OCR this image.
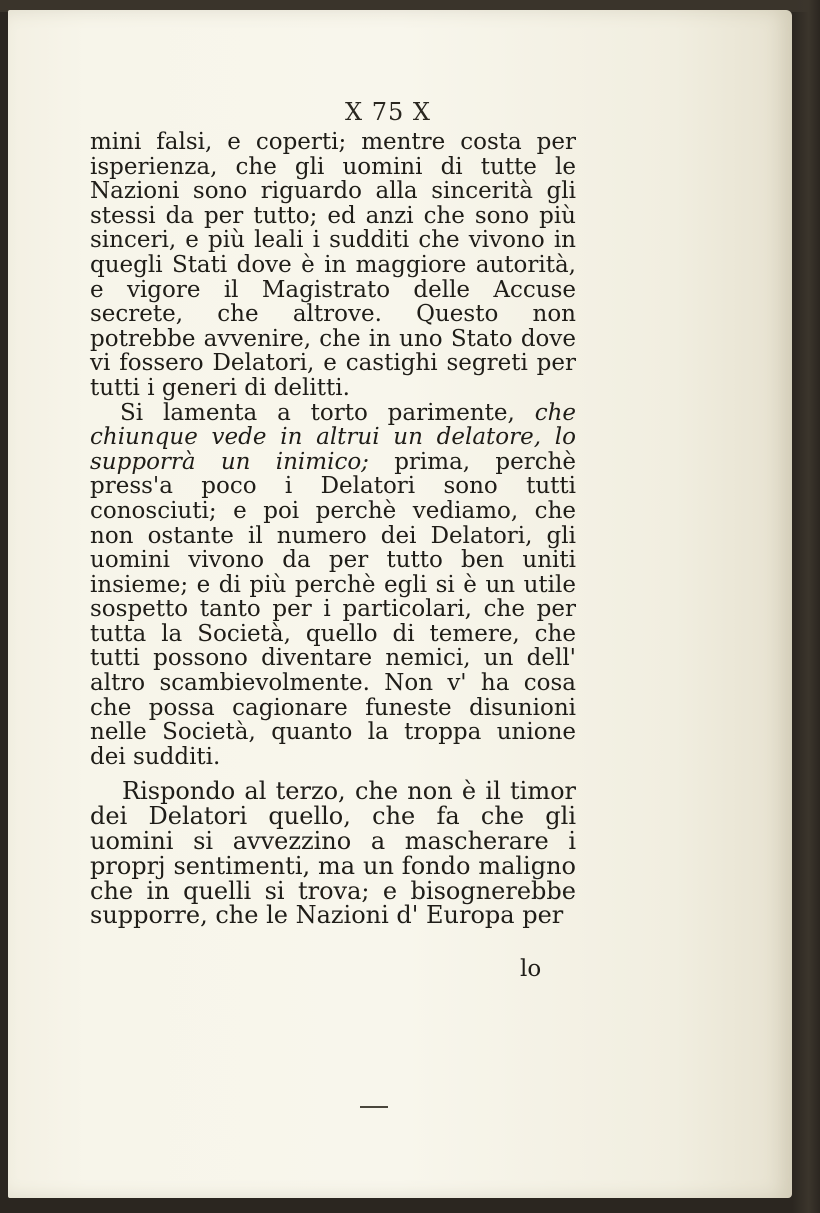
X 75 X

mini falsi, e coperti; mentre costa per isperienza, che gli uomini di tutte le Nazioni sono riguardo alla sincerità gli stessi da per tutto; ed anzi che sono più sinceri, e più leali i sudditi che vivono in quegli Stati dove è in maggiore autorità, e vigore il Magistrato delle Accuse secrete, che altrove. Questo non potrebbe avvenire, che in uno Stato dove vi fossero Delatori, e castighi segreti per tutti i generi di delitti.

Si lamenta a torto parimente, che chiunque vede in altrui un delatore, lo supporrà un inimico; prima, perchè press'a poco i Delatori sono tutti conosciuti; e poi perchè vediamo, che non ostante il numero dei Delatori, gli uomini vivono da per tutto ben uniti insieme; e di più perchè egli si è un utile sospetto tanto per i particolari, che per tutta la Società, quello di temere, che tutti possono diventare nemici, un dell' altro scambievolmente. Non v' ha cosa che possa cagionare funeste disunioni nelle Società, quanto la troppa unione dei sudditi.

Rispondo al terzo, che non è il timor dei Delatori quello, che fa che gli uomini si avvezzino a mascherare i proprj sentimenti, ma un fondo maligno che in quelli si trova; e bisognerebbe supporre, che le Nazioni d' Europa per

lo
